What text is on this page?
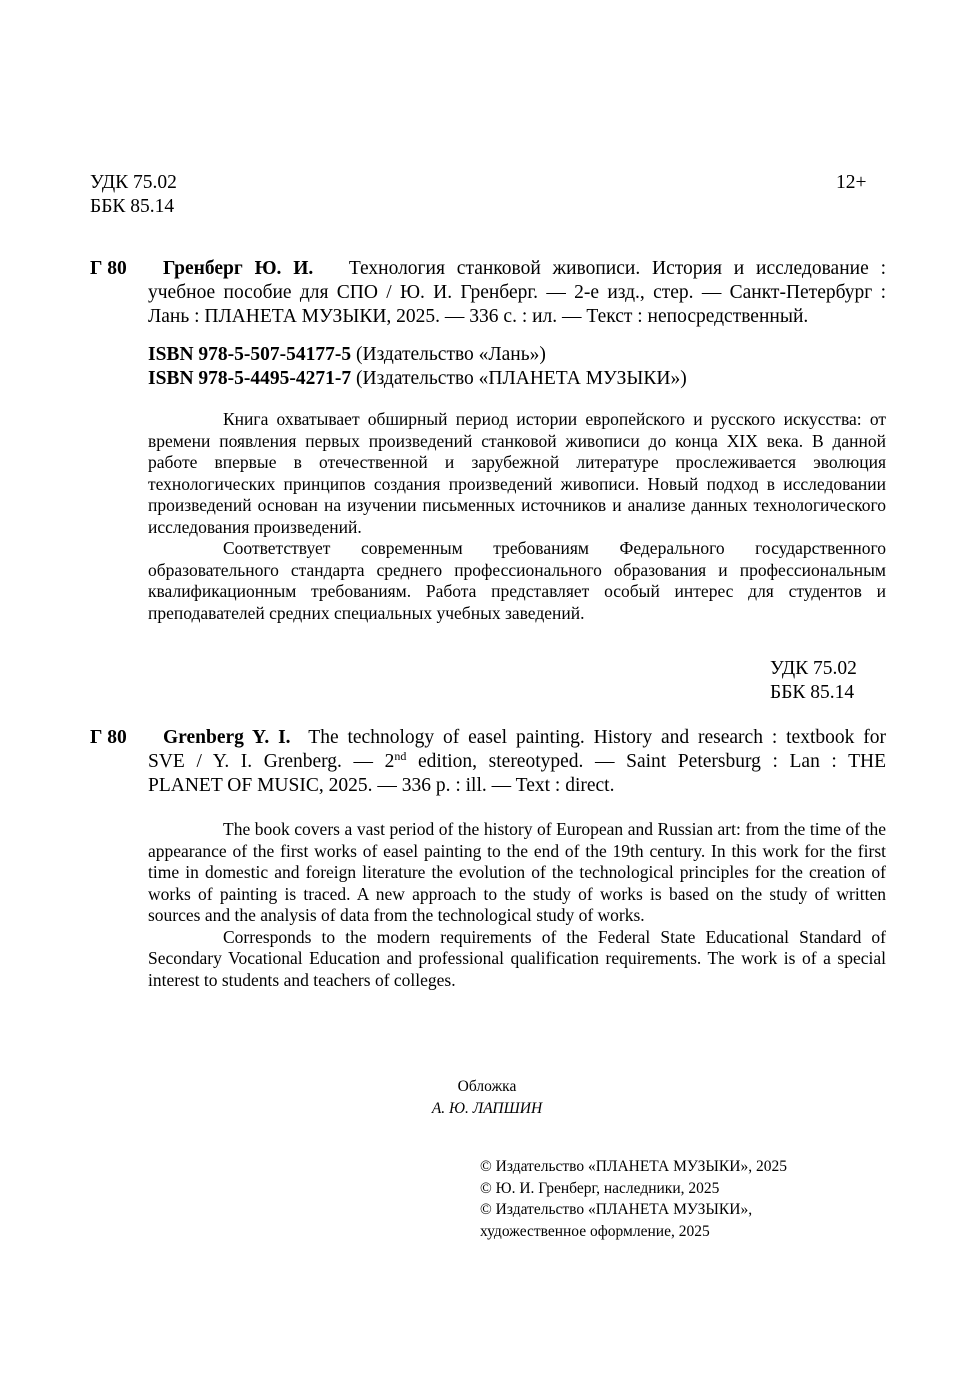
УДК 75.02
ББК 85.14
12+
Г 80	Гренберг Ю. И. Технология станковой живописи. История и исследование :
учебное пособие для СПО / Ю. И. Гренберг. — 2-е изд., стер. — Санкт-Петербург :
Лань : ПЛАНЕТА МУЗЫКИ, 2025. — 336 с. : ил. — Текст : непосредственный.
ISBN 978-5-507-54177-5 (Издательство «Лань»)
ISBN 978-5-4495-4271-7 (Издательство «ПЛАНЕТА МУЗЫКИ»)
Книга охватывает обширный период истории европейского и русского искусства: от времени появления первых произведений станковой живописи до конца XIX века. В данной работе впервые в отечественной и зарубежной литературе прослеживается эволюция технологических принципов создания произведений живописи. Новый подход в исследовании произведений основан на изучении письменных источников и анализе данных технологического исследования произведений.
Соответствует современным требованиям Федерального государственного образовательного стандарта среднего профессионального образования и профессиональным квалификационным требованиям. Работа представляет особый интерес для студентов и преподавателей средних специальных учебных заведений.
УДК 75.02
ББК 85.14
Г 80	Grenberg Y. I. The technology of easel painting. History and research : textbook for
SVE / Y. I. Grenberg. — 2nd edition, stereotyped. — Saint Petersburg : Lan : THE
PLANET OF MUSIC, 2025. — 336 p. : ill. — Text : direct.
The book covers a vast period of the history of European and Russian art: from the time of the appearance of the first works of easel painting to the end of the 19th century. In this work for the first time in domestic and foreign literature the evolution of the technological principles for the creation of works of painting is traced. A new approach to the study of works is based on the study of written sources and the analysis of data from the technological study of works.
Corresponds to the modern requirements of the Federal State Educational Standard of Secondary Vocational Education and professional qualification requirements. The work is of a special interest to students and teachers of colleges.
Обложка
А. Ю. ЛАПШИН
© Издательство «ПЛАНЕТА МУЗЫКИ», 2025
© Ю. И. Гренберг, наследники, 2025
© Издательство «ПЛАНЕТА МУЗЫКИ»,
художественное оформление, 2025
